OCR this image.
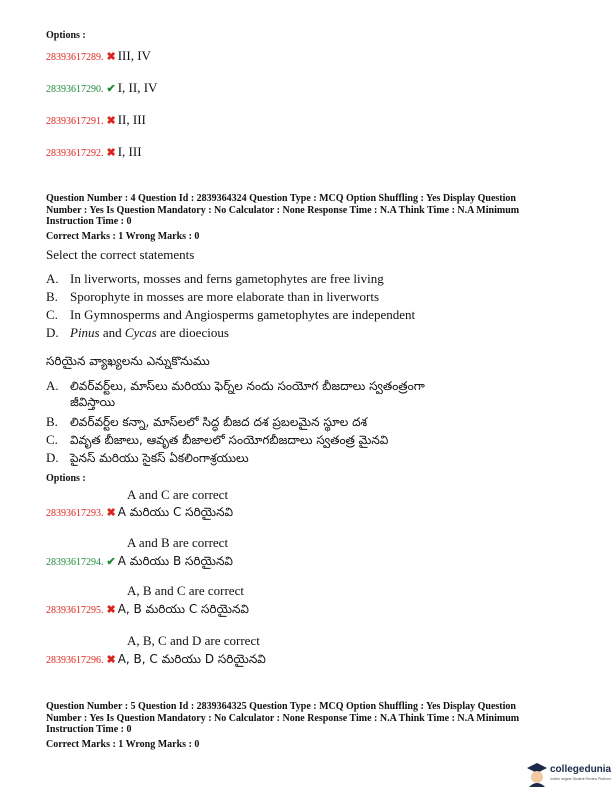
Options :
28393617289. ✖ III, IV
28393617290. ✔ I, II, IV
28393617291. ✖ II, III
28393617292. ✖ I, III
Question Number : 4 Question Id : 2839364324 Question Type : MCQ Option Shuffling : Yes Display Question
Number : Yes Is Question Mandatory : No Calculator : None Response Time : N.A Think Time : N.A Minimum
Instruction Time : 0
Correct Marks : 1 Wrong Marks : 0
Select the correct statements
A. In liverworts, mosses and ferns gametophytes are free living
B. Sporophyte in mosses are more elaborate than in liverworts
C. In Gymnosperms and Angiosperms gametophytes are independent
D. Pinus and Cycas are dioecious
సరియైన వ్యాఖ్యలను ఎన్నుకొనుము
A. లివర్‌వర్ట్‌లు, మాస్‌లు మరియు ఫెర్న్‌ల నందు సంయోగ బీజదాలు స్వతంత్రంగా
జీవిస్తాయి
B. లివర్‌వర్ట్‌ల కన్నా, మాస్‌లలో సిద్ధ బీజద దశ ప్రబలమైన స్థూల దశ
C. వివృత బీజాలు, ఆవృత బీజాలలో సంయోగబీజదాలు స్వతంత్ర మైనవి
D. పైనస్ మరియు సైకస్ ఏకలింగాశ్రయులు
Options :
A and C are correct
28393617293. ✖ A మరియు C సరియైనవి
A and B are correct
28393617294. ✔ A మరియు B సరియైనవి
A, B and C are correct
28393617295. ✖ A, B మరియు C సరియైనవి
A, B, C and D are correct
28393617296. ✖ A, B, C మరియు D సరియైనవి
Question Number : 5 Question Id : 2839364325 Question Type : MCQ Option Shuffling : Yes Display Question
Number : Yes Is Question Mandatory : No Calculator : None Response Time : N.A Think Time : N.A Minimum
Instruction Time : 0
Correct Marks : 1 Wrong Marks : 0
collegedunia
India's largest Student Review Platform
